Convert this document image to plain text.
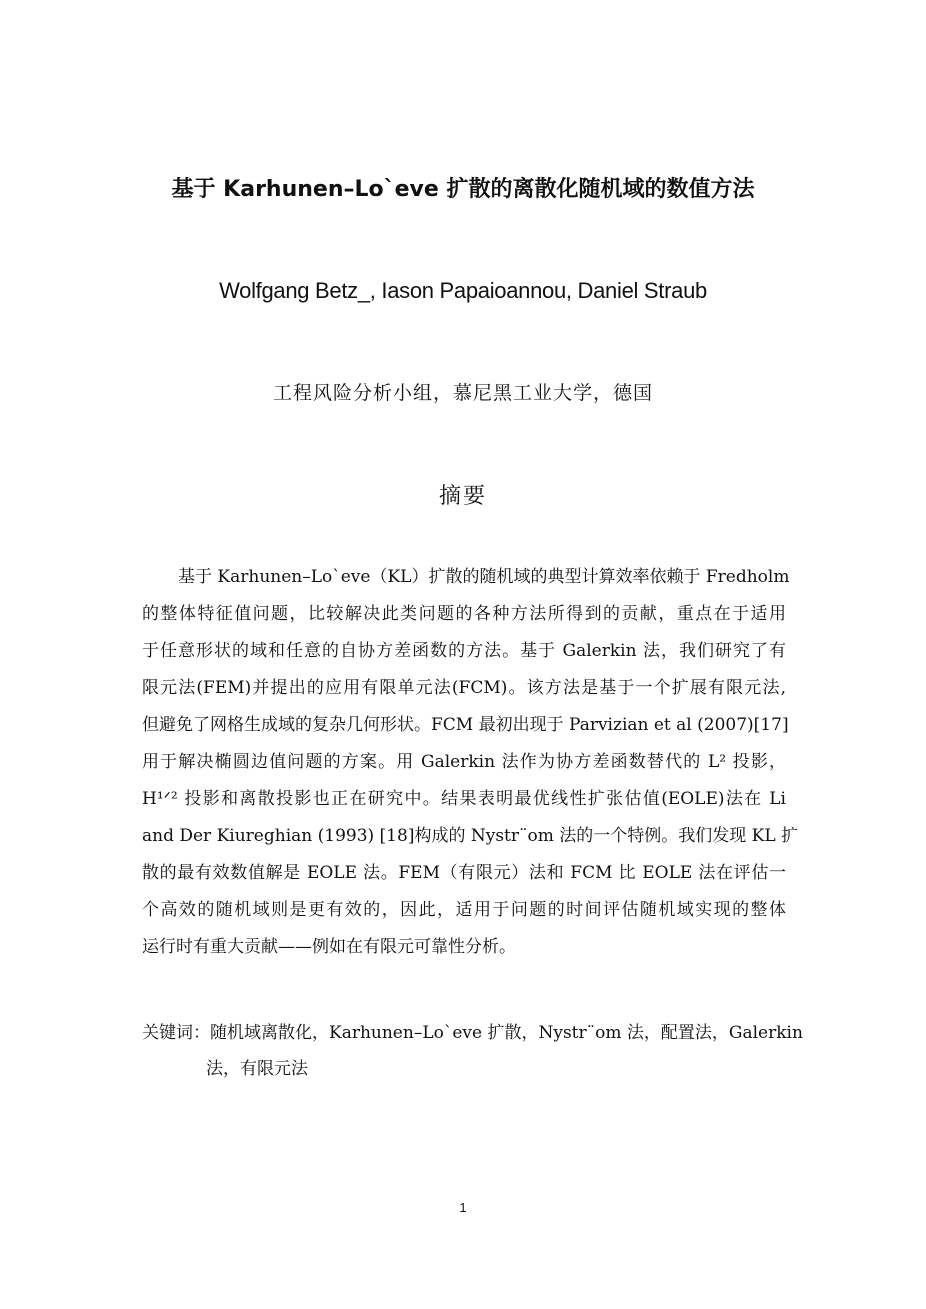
基于 Karhunen–Lo`eve 扩散的离散化随机域的数值方法
Wolfgang Betz_, Iason Papaioannou, Daniel Straub
工程风险分析小组，慕尼黑工业大学，德国
摘要
基于 Karhunen–Lo`eve（KL）扩散的随机域的典型计算效率依赖于 Fredholm
的整体特征值问题，比较解决此类问题的各种方法所得到的贡献，重点在于适用
于任意形状的域和任意的自协方差函数的方法。基于 Galerkin 法，我们研究了有
限元法(FEM)并提出的应用有限单元法(FCM)。该方法是基于一个扩展有限元法,
但避免了网格生成域的复杂几何形状。FCM 最初出现于 Parvizian et al (2007)[17]
用于解决椭圆边值问题的方案。用 Galerkin 法作为协方差函数替代的 L² 投影，
H¹ᐟ² 投影和离散投影也正在研究中。结果表明最优线性扩张估值(EOLE)法在 Li
and Der Kiureghian (1993) [18]构成的 Nystr¨om 法的一个特例。我们发现 KL 扩
散的最有效数值解是 EOLE 法。FEM（有限元）法和 FCM 比 EOLE 法在评估一
个高效的随机域则是更有效的，因此，适用于问题的时间评估随机域实现的整体
运行时有重大贡献——例如在有限元可靠性分析。
关键词：随机域离散化，Karhunen–Lo`eve 扩散，Nystr¨om 法，配置法，Galerkin
法，有限元法
1
